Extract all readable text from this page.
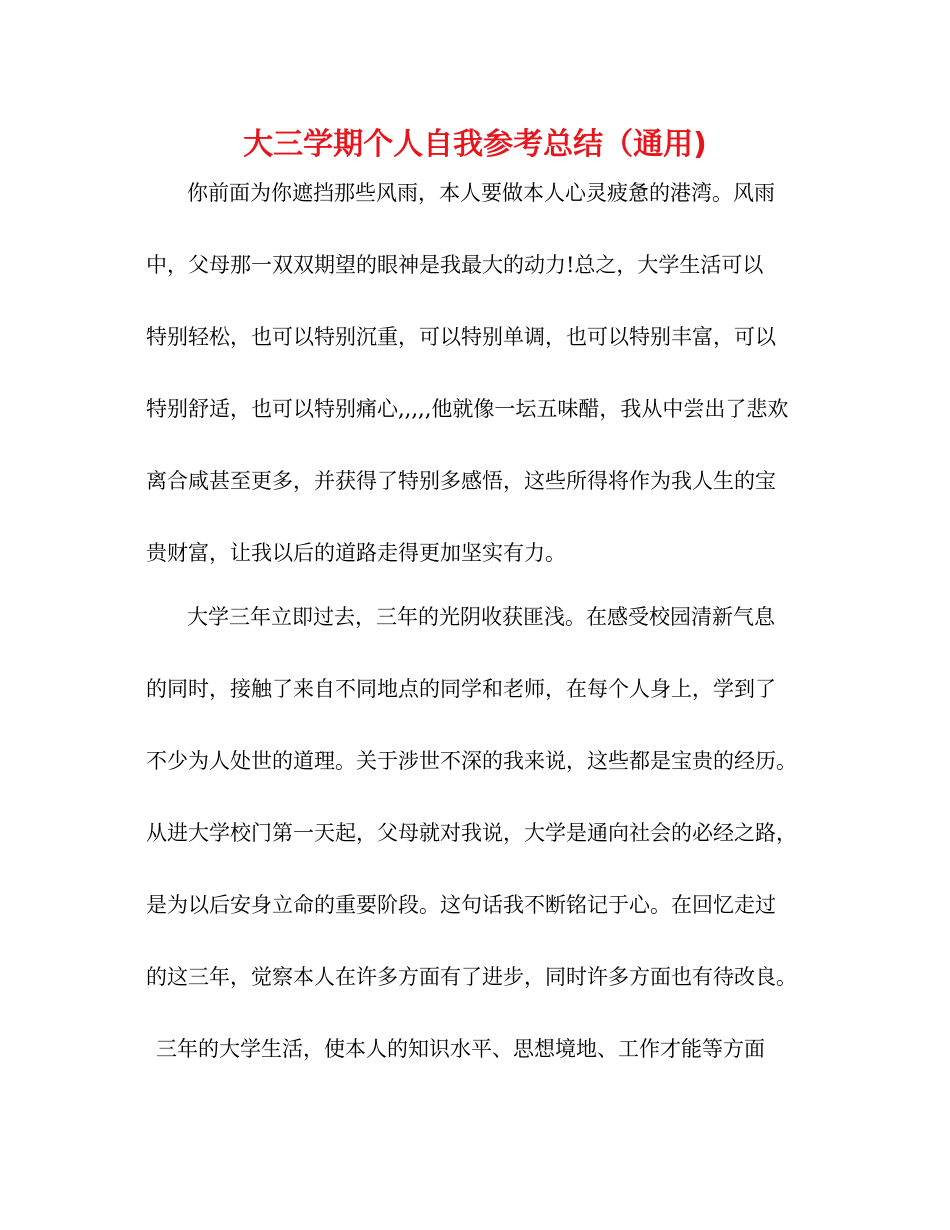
大三学期个人自我参考总结（通用)

你前面为你遮挡那些风雨，本人要做本人心灵疲惫的港湾。风雨

中，父母那一双双期望的眼神是我最大的动力!总之，大学生活可以

特别轻松，也可以特别沉重，可以特别单调，也可以特别丰富，可以

特别舒适，也可以特别痛心,,,,,他就像一坛五味醋，我从中尝出了悲欢

离合咸甚至更多，并获得了特别多感悟，这些所得将作为我人生的宝

贵财富，让我以后的道路走得更加坚实有力。

大学三年立即过去，三年的光阴收获匪浅。在感受校园清新气息

的同时，接触了来自不同地点的同学和老师，在每个人身上，学到了

不少为人处世的道理。关于涉世不深的我来说，这些都是宝贵的经历。

从进大学校门第一天起，父母就对我说，大学是通向社会的必经之路，

是为以后安身立命的重要阶段。这句话我不断铭记于心。在回忆走过

的这三年，觉察本人在许多方面有了进步，同时许多方面也有待改良。

三年的大学生活，使本人的知识水平、思想境地、工作才能等方面
